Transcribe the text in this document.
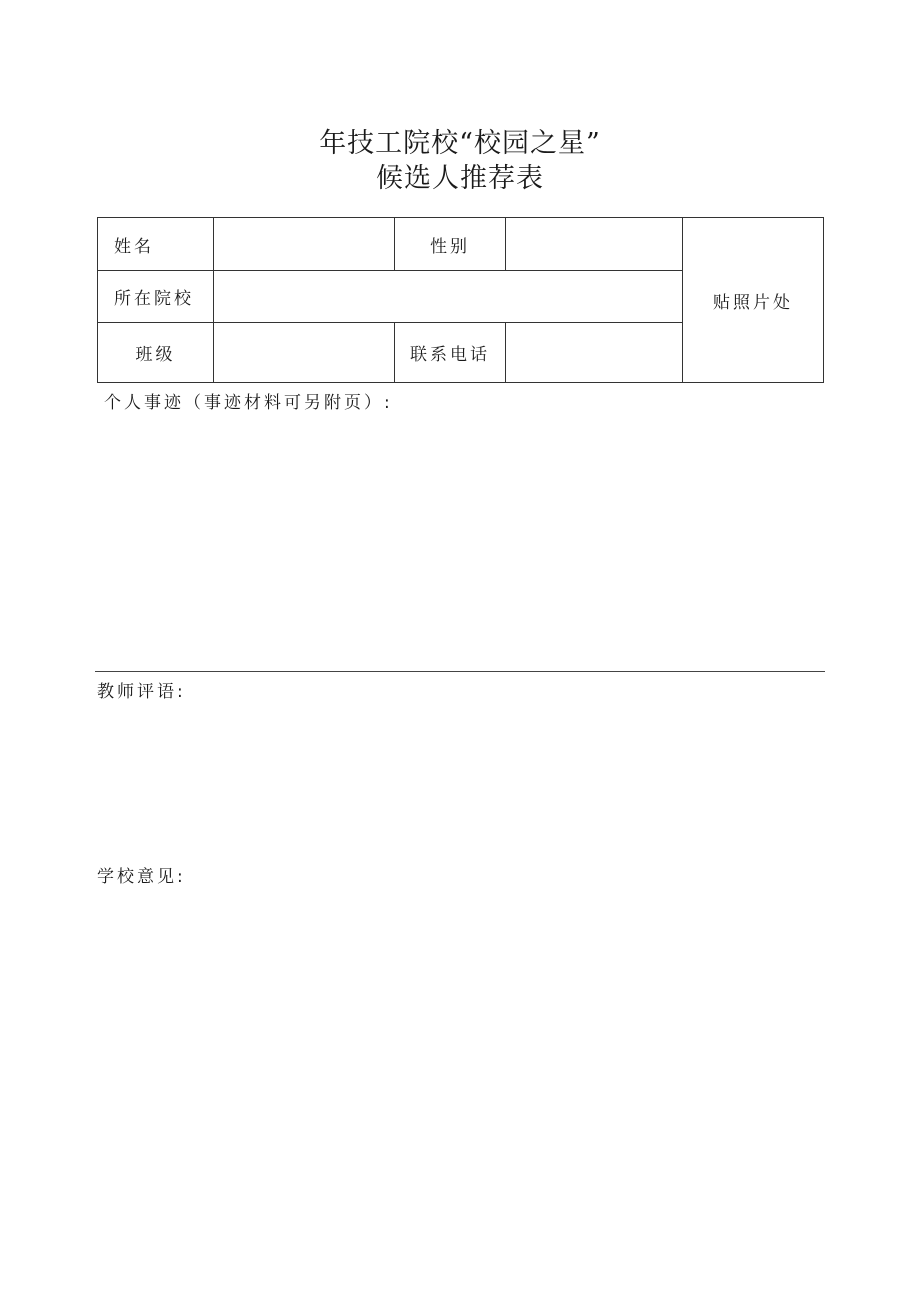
年技工院校“校园之星”
候选人推荐表
姓名		性别		贴照片处
所在院校				
班级		联系电话		
个人事迹（事迹材料可另附页）:
教师评语:
学校意见:
